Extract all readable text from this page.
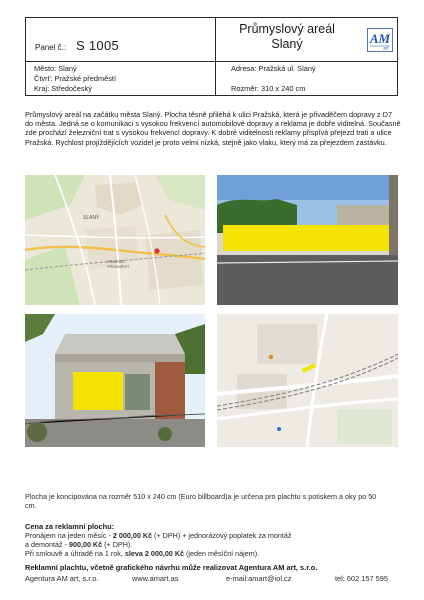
Panel č.: S 1005
Průmyslový areál
Slaný	AM
art
Město: Slaný
Čtvrť: Pražské předměstí
Kraj: Středočeský
Adresa: Pražská ul. Slaný
Rozměr: 310 x 240 cm
Průmyslový areál na začátku města Slaný. Plocha těsně přiléhá k ulici Pražská, která je přivaděčem dopravy z D7 do města. Jedná se o komunikaci s vysokou frekvencí automobilové dopravy a reklama je dobře viditelná. Současně zde prochází železniční trat s vysokou frekvencí dopravy. K dobré viditelnosti reklamy přispívá přejezd trati a ulice Pražská. Rychlost projíždějících vozidel je proto velmi nízká, stejně jako vlaku, který má za přejezdem zastávku.
SLANÝ
PRAŽSKÉ
PŘEDMĚSTÍ
Plocha je koncipována na rozměr 510 x 240 cm (Euro billboard)a je určena pro plachtu s potiskem a oky po 50 cm.
Cena za reklamní plochu:
Pronájem na jeden měsíc - 2 000,00 Kč (+ DPH) + jednorázový poplatek za montáž
a demontáž - 900,00 Kč (+ DPH).
Při smlouvě a úhradě na 1 rok, sleva 2 000,00 Kč (jeden měsíční nájem).
Reklamní plachtu, včetně grafického návrhu může realizovat Agentura AM art, s.r.o.
Agentura AM art, s.r.o.	www.amart.as	e-mail:amart@iol.cz	tel: 602 157 595
